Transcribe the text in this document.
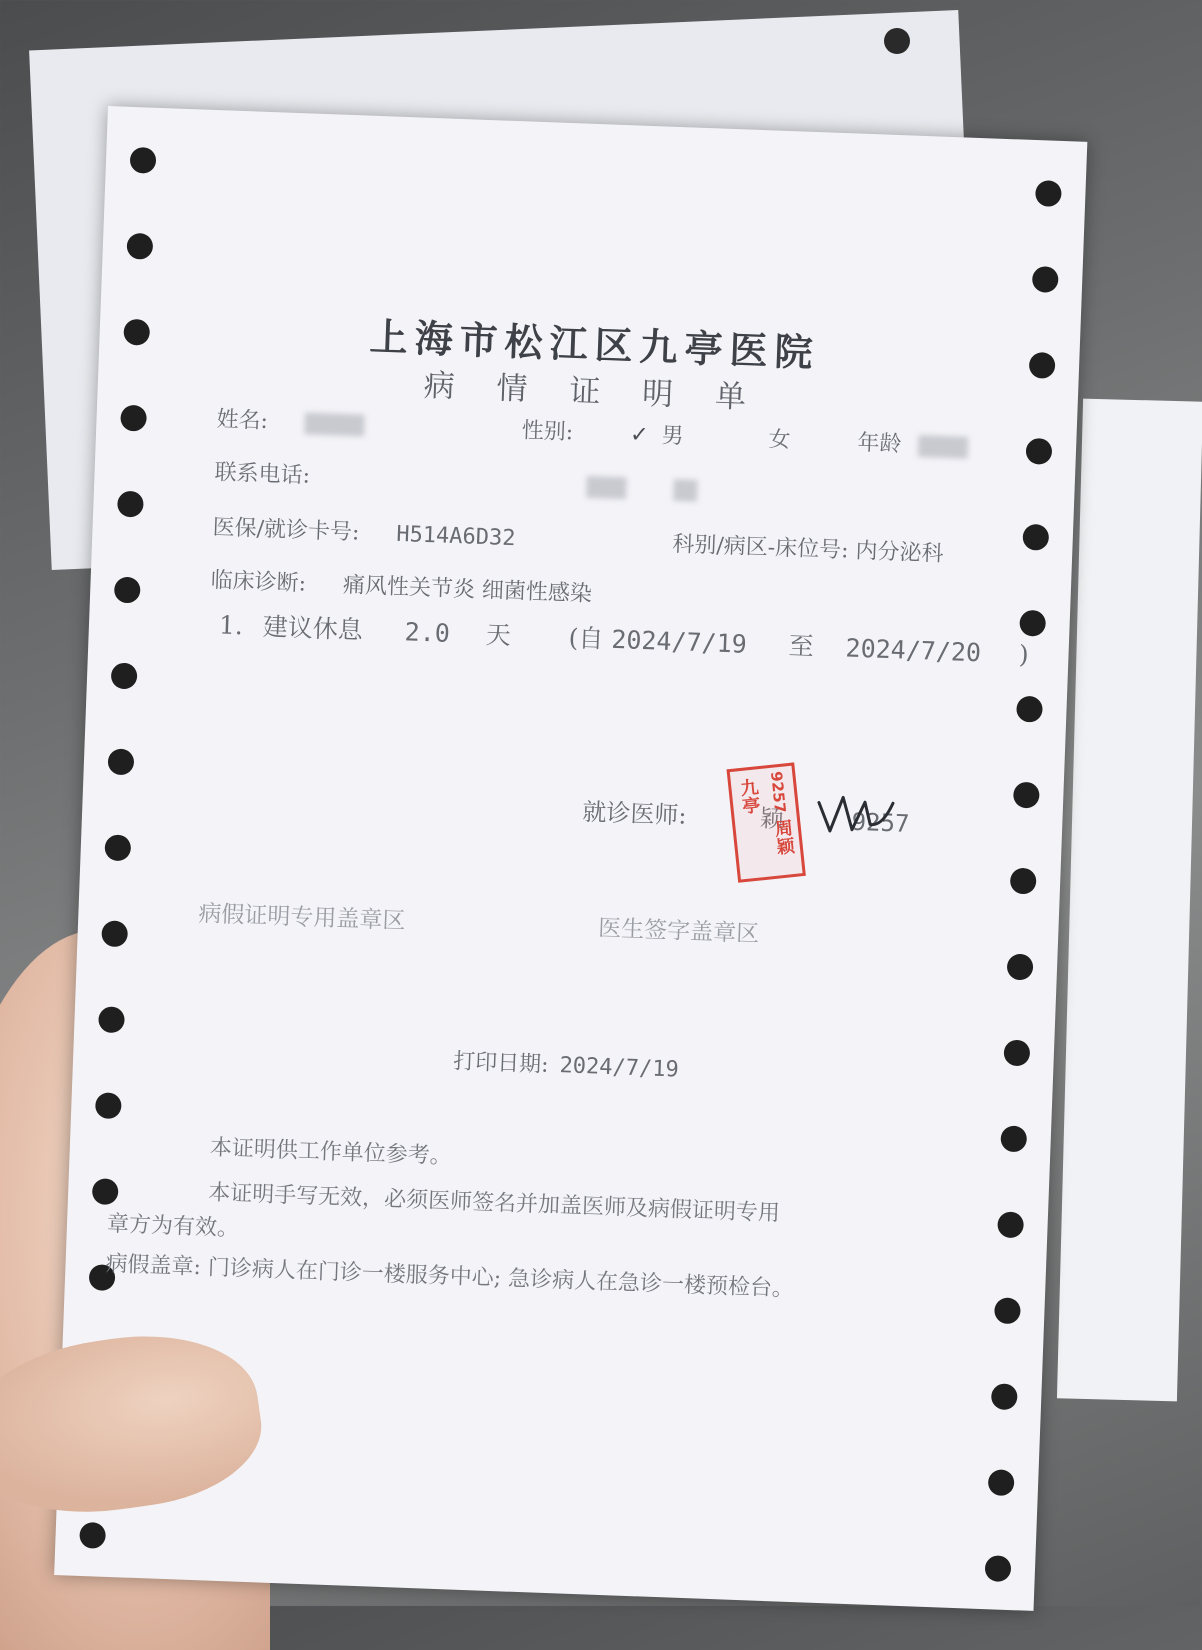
上海市松江区九亭医院
病 情 证 明 单
姓名:	性别:	✓ 男	女	年龄
联系电话:
医保/就诊卡号: H514A6D32	科别/病区-床位号: 内分泌科
临床诊断: 痛风性关节炎 细菌性感染
1. 建议休息 2.0 天 (自 2024/7/19 至 2024/7/20 )
就诊医师:	颖	9257
九亭 9257 周颖
病假证明专用盖章区	医生签字盖章区
打印日期: 2024/7/19
本证明供工作单位参考。
本证明手写无效，必须医师签名并加盖医师及病假证明专用
章方为有效。
病假盖章: 门诊病人在门诊一楼服务中心; 急诊病人在急诊一楼预检台。
